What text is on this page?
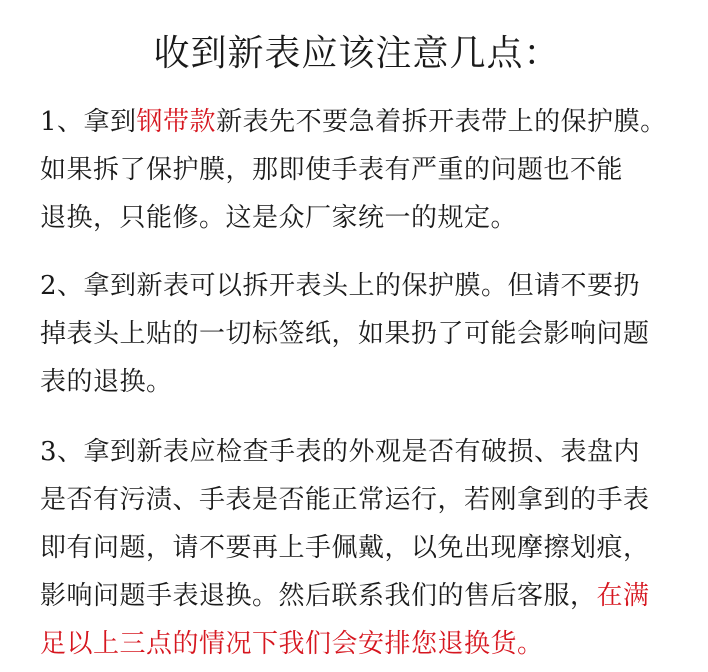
收到新表应该注意几点：
1、拿到钢带款新表先不要急着拆开表带上的保护膜。
如果拆了保护膜，那即使手表有严重的问题也不能
退换，只能修。这是众厂家统一的规定。
2、拿到新表可以拆开表头上的保护膜。但请不要扔
掉表头上贴的一切标签纸，如果扔了可能会影响问题
表的退换。
3、拿到新表应检查手表的外观是否有破损、表盘内
是否有污渍、手表是否能正常运行，若刚拿到的手表
即有问题，请不要再上手佩戴，以免出现摩擦划痕，
影响问题手表退换。然后联系我们的售后客服，在满
足以上三点的情况下我们会安排您退换货。
